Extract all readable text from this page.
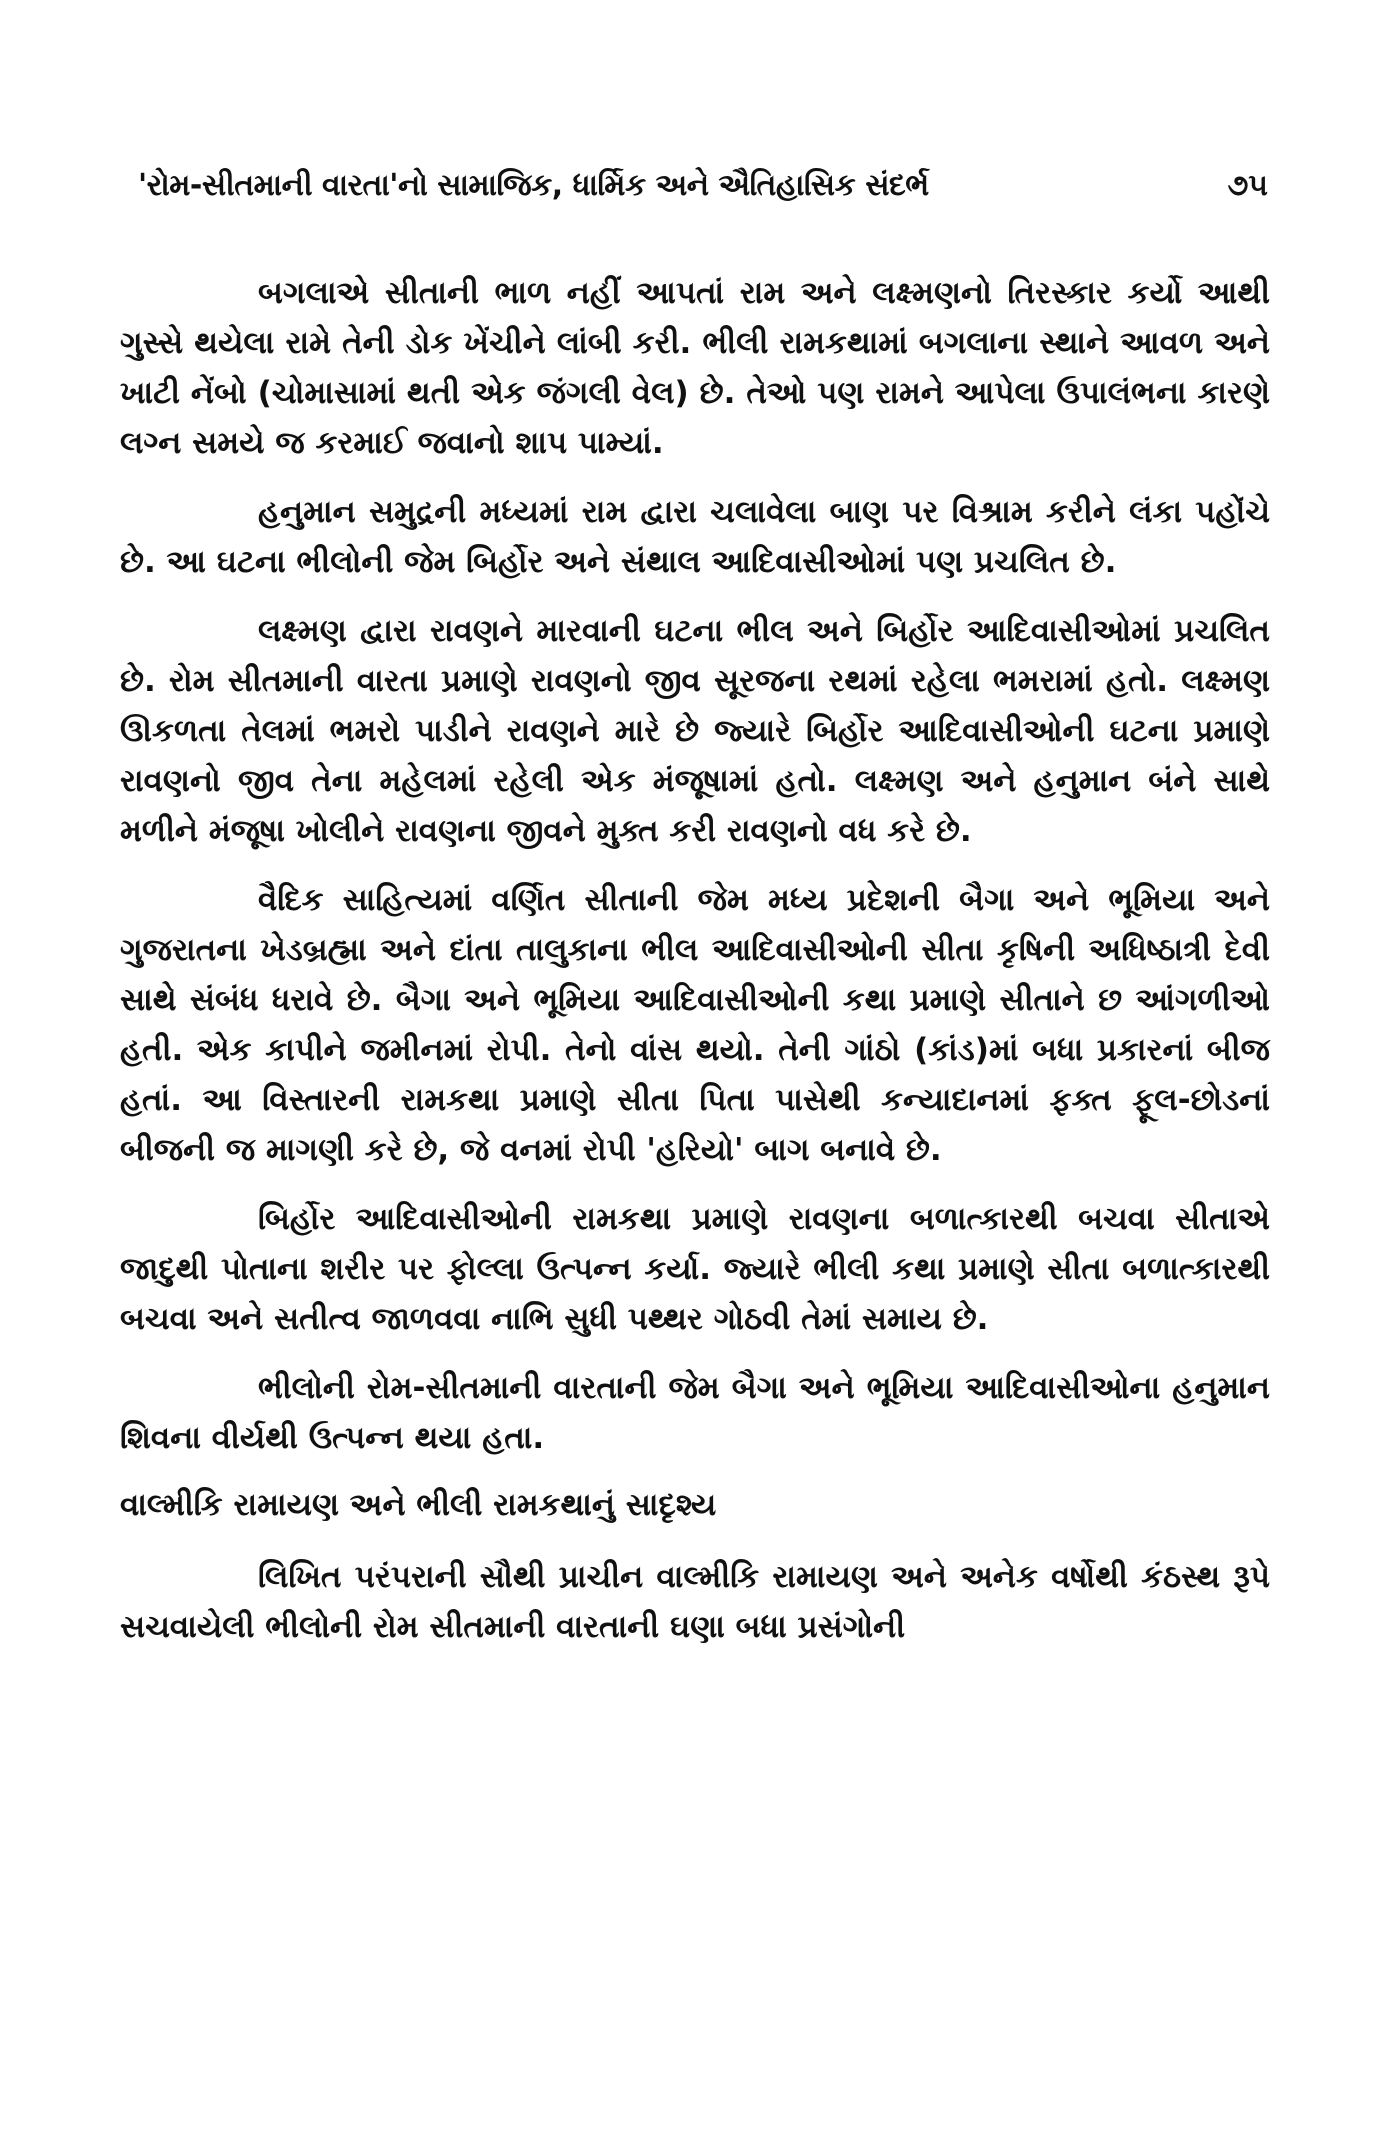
'રોમ-સીતમાની વારતા'નો સામાજિક, ધાર્મિક અને ઐતિહાસિક સંદર્ભ	૭૫

બગલાએ સીતાની ભાળ નહીં આપતાં રામ અને લક્ષ્મણનો તિરસ્કાર કર્યો આથી ગુસ્સે થયેલા રામે તેની ડોક ખેંચીને લાંબી કરી. ભીલી રામકથામાં બગલાના સ્થાને આવળ અને ખાટી નેંબો (ચોમાસામાં થતી એક જંગલી વેલ) છે. તેઓ પણ રામને આપેલા ઉપાલંભના કારણે લગ્ન સમયે જ કરમાઈ જવાનો શાપ પામ્યાં.

હનુમાન સમુદ્રની મધ્યમાં રામ દ્વારા ચલાવેલા બાણ પર વિશ્રામ કરીને લંકા પહોંચે છે. આ ઘટના ભીલોની જેમ બિર્હોર અને સંથાલ આદિવાસીઓમાં પણ પ્રચલિત છે.

લક્ષ્મણ દ્વારા રાવણને મારવાની ઘટના ભીલ અને બિર્હોર આદિવાસીઓમાં પ્રચલિત છે. રોમ સીતમાની વારતા પ્રમાણે રાવણનો જીવ સૂરજના રથમાં રહેલા ભમરામાં હતો. લક્ષ્મણ ઊકળતા તેલમાં ભમરો પાડીને રાવણને મારે છે જ્યારે બિર્હોર આદિવાસીઓની ઘટના પ્રમાણે રાવણનો જીવ તેના મહેલમાં રહેલી એક મંજૂષામાં હતો. લક્ષ્મણ અને હનુમાન બંને સાથે મળીને મંજૂષા ખોલીને રાવણના જીવને મુક્ત કરી રાવણનો વધ કરે છે.

વૈદિક સાહિત્યમાં વર્ણિત સીતાની જેમ મધ્ય પ્રદેશની બૈગા અને ભૂમિયા અને ગુજરાતના ખેડબ્રહ્મા અને દાંતા તાલુકાના ભીલ આદિવાસીઓની સીતા કૃષિની અધિષ્ઠાત્રી દેવી સાથે સંબંધ ધરાવે છે. બૈગા અને ભૂમિયા આદિવાસીઓની કથા પ્રમાણે સીતાને છ આંગળીઓ હતી. એક કાપીને જમીનમાં રોપી. તેનો વાંસ થયો. તેની ગાંઠો (કાંડ)માં બધા પ્રકારનાં બીજ હતાં. આ વિસ્તારની રામકથા પ્રમાણે સીતા પિતા પાસેથી કન્યાદાનમાં ફક્ત ફૂલ-છોડનાં બીજની જ માગણી કરે છે, જે વનમાં રોપી 'હરિયો' બાગ બનાવે છે.

બિર્હોર આદિવાસીઓની રામકથા પ્રમાણે રાવણના બળાત્કારથી બચવા સીતાએ જાદુથી પોતાના શરીર પર ફોલ્લા ઉત્પન્ન કર્યા. જ્યારે ભીલી કથા પ્રમાણે સીતા બળાત્કારથી બચવા અને સતીત્વ જાળવવા નાભિ સુધી પથ્થર ગોઠવી તેમાં સમાય છે.

ભીલોની રોમ-સીતમાની વારતાની જેમ બૈગા અને ભૂમિયા આદિવાસીઓના હનુમાન શિવના વીર્યથી ઉત્પન્ન થયા હતા.

વાલ્મીકિ રામાયણ અને ભીલી રામકથાનું સાદૃશ્ય

લિખિત પરંપરાની સૌથી પ્રાચીન વાલ્મીકિ રામાયણ અને અનેક વર્ષોથી કંઠસ્થ રૂપે સચવાયેલી ભીલોની રોમ સીતમાની વારતાની ઘણા બધા પ્રસંગોની
